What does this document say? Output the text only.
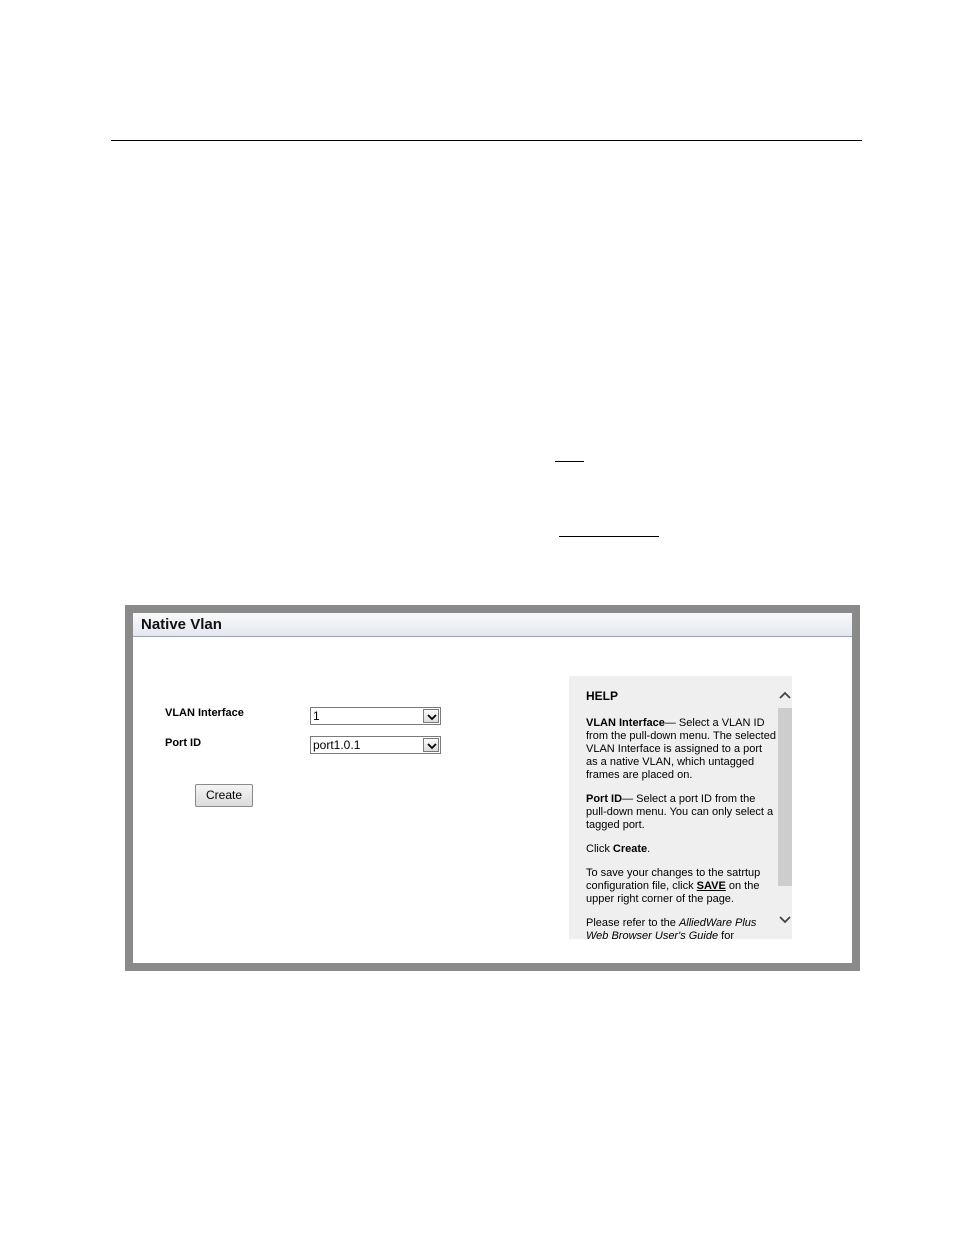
Native Vlan
VLAN Interface	1
Port ID	port1.0.1
Create
HELP

VLAN Interface— Select a VLAN ID from the pull-down menu. The selected VLAN Interface is assigned to a port as a native VLAN, which untagged frames are placed on.

Port ID— Select a port ID from the pull-down menu. You can only select a tagged port.

Click Create.

To save your changes to the satrtup configuration file, click SAVE on the upper right corner of the page.

Please refer to the AlliedWare Plus Web Browser User's Guide for
